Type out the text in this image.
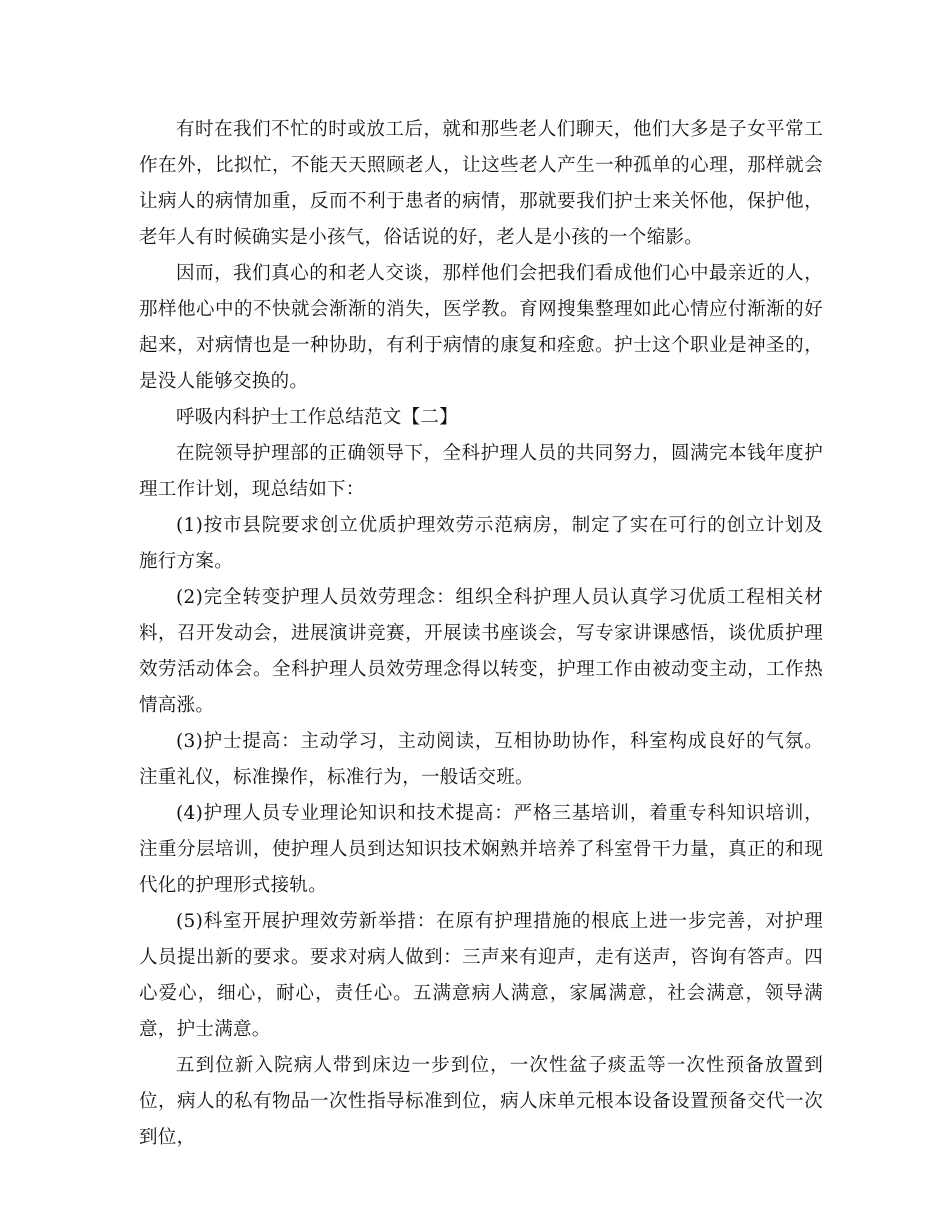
有时在我们不忙的时或放工后，就和那些老人们聊天，他们大多是子女平常工作在外，比拟忙，不能天天照顾老人，让这些老人产生一种孤单的心理，那样就会让病人的病情加重，反而不利于患者的病情，那就要我们护士来关怀他，保护他，老年人有时候确实是小孩气，俗话说的好，老人是小孩的一个缩影。

因而，我们真心的和老人交谈，那样他们会把我们看成他们心中最亲近的人，那样他心中的不快就会渐渐的消失，医学教。育网搜集整理如此心情应付渐渐的好起来，对病情也是一种协助，有利于病情的康复和痊愈。护士这个职业是神圣的，是没人能够交换的。

呼吸内科护士工作总结范文【二】

在院领导护理部的正确领导下，全科护理人员的共同努力，圆满完本钱年度护理工作计划，现总结如下：

(1)按市县院要求创立优质护理效劳示范病房，制定了实在可行的创立计划及施行方案。

(2)完全转变护理人员效劳理念：组织全科护理人员认真学习优质工程相关材料，召开发动会，进展演讲竞赛，开展读书座谈会，写专家讲课感悟，谈优质护理效劳活动体会。全科护理人员效劳理念得以转变，护理工作由被动变主动，工作热情高涨。

(3)护士提高：主动学习，主动阅读，互相协助协作，科室构成良好的气氛。注重礼仪，标准操作，标准行为，一般话交班。

(4)护理人员专业理论知识和技术提高：严格三基培训，着重专科知识培训，注重分层培训，使护理人员到达知识技术娴熟并培养了科室骨干力量，真正的和现代化的护理形式接轨。

(5)科室开展护理效劳新举措：在原有护理措施的根底上进一步完善，对护理人员提出新的要求。要求对病人做到：三声来有迎声，走有送声，咨询有答声。四心爱心，细心，耐心，责任心。五满意病人满意，家属满意，社会满意，领导满意，护士满意。

五到位新入院病人带到床边一步到位，一次性盆子痰盂等一次性预备放置到位，病人的私有物品一次性指导标准到位，病人床单元根本设备设置预备交代一次到位，
